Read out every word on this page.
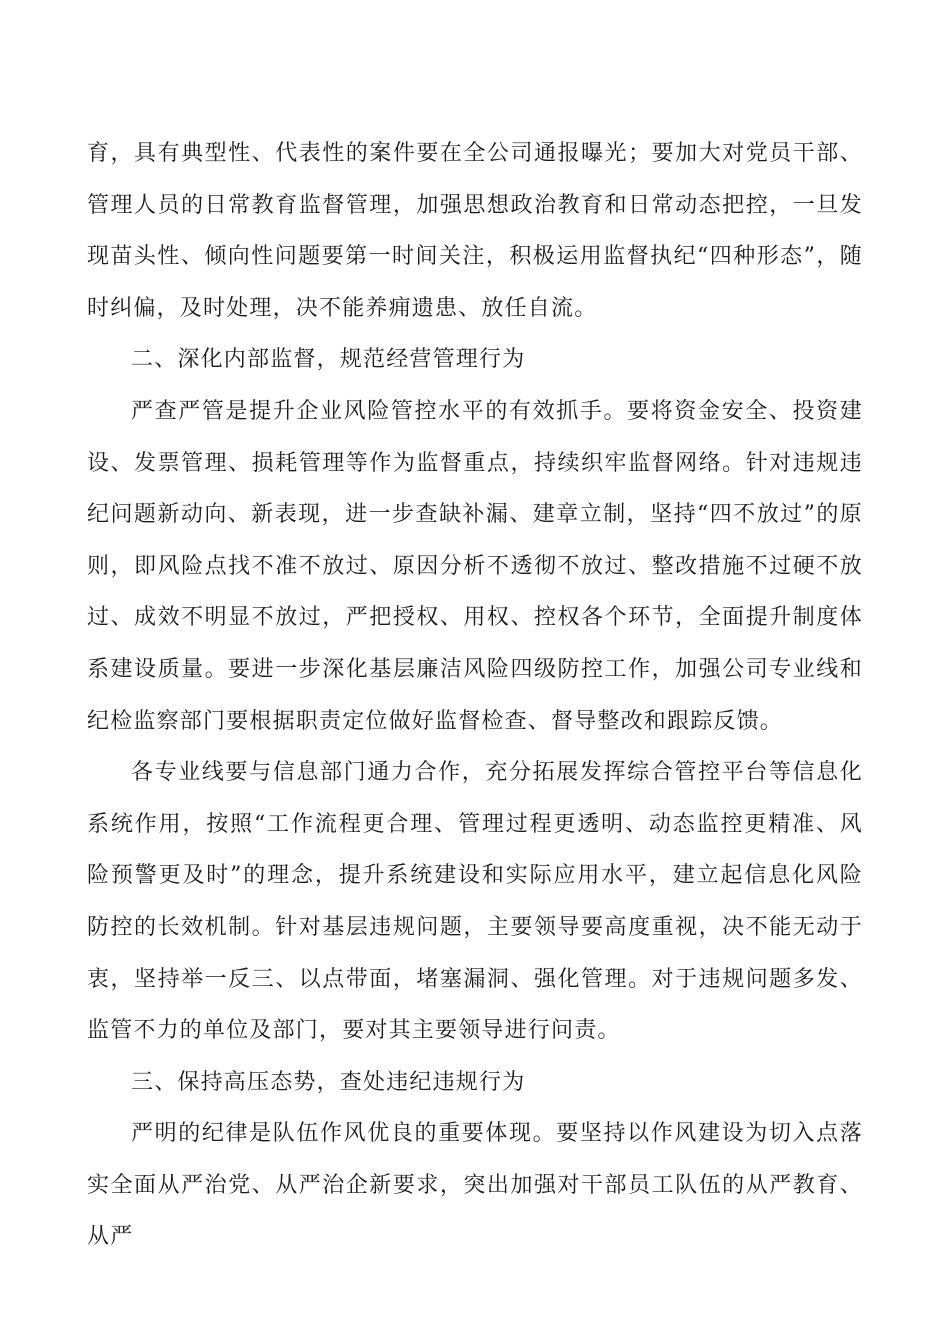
育，具有典型性、代表性的案件要在全公司通报曝光；要加大对党员干部、管理人员的日常教育监督管理，加强思想政治教育和日常动态把控，一旦发现苗头性、倾向性问题要第一时间关注，积极运用监督执纪“四种形态”，随时纠偏，及时处理，决不能养痈遗患、放任自流。

二、深化内部监督，规范经营管理行为

严查严管是提升企业风险管控水平的有效抓手。要将资金安全、投资建设、发票管理、损耗管理等作为监督重点，持续织牢监督网络。针对违规违纪问题新动向、新表现，进一步查缺补漏、建章立制，坚持“四不放过”的原则，即风险点找不准不放过、原因分析不透彻不放过、整改措施不过硬不放过、成效不明显不放过，严把授权、用权、控权各个环节，全面提升制度体系建设质量。要进一步深化基层廉洁风险四级防控工作，加强公司专业线和纪检监察部门要根据职责定位做好监督检查、督导整改和跟踪反馈。

各专业线要与信息部门通力合作，充分拓展发挥综合管控平台等信息化系统作用，按照“工作流程更合理、管理过程更透明、动态监控更精准、风险预警更及时”的理念，提升系统建设和实际应用水平，建立起信息化风险防控的长效机制。针对基层违规问题，主要领导要高度重视，决不能无动于衷，坚持举一反三、以点带面，堵塞漏洞、强化管理。对于违规问题多发、监管不力的单位及部门，要对其主要领导进行问责。

三、保持高压态势，查处违纪违规行为

严明的纪律是队伍作风优良的重要体现。要坚持以作风建设为切入点落实全面从严治党、从严治企新要求，突出加强对干部员工队伍的从严教育、从严
